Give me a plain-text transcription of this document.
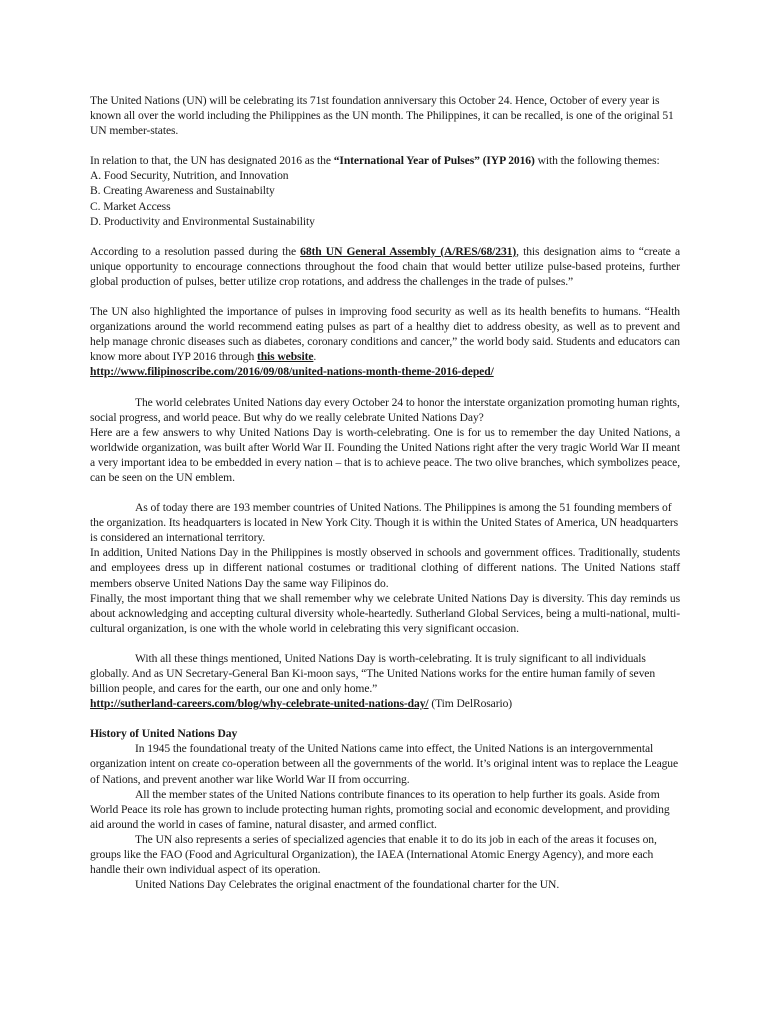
The United Nations (UN) will be celebrating its 71st foundation anniversary this October 24. Hence, October of every year is known all over the world including the Philippines as the UN month. The Philippines, it can be recalled, is one of the original 51 UN member-states.

In relation to that, the UN has designated 2016 as the “International Year of Pulses” (IYP 2016) with the following themes:

A. Food Security, Nutrition, and Innovation

B. Creating Awareness and Sustainabilty

C. Market Access

D. Productivity and Environmental Sustainability

According to a resolution passed during the 68th UN General Assembly (A/RES/68/231), this designation aims to “create a unique opportunity to encourage connections throughout the food chain that would better utilize pulse-based proteins, further global production of pulses, better utilize crop rotations, and address the challenges in the trade of pulses.”

The UN also highlighted the importance of pulses in improving food security as well as its health benefits to humans. “Health organizations around the world recommend eating pulses as part of a healthy diet to address obesity, as well as to prevent and help manage chronic diseases such as diabetes, coronary conditions and cancer,” the world body said. Students and educators can know more about IYP 2016 through this website.

http://www.filipinoscribe.com/2016/09/08/united-nations-month-theme-2016-deped/

The world celebrates United Nations day every October 24 to honor the interstate organization promoting human rights, social progress, and world peace. But why do we really celebrate United Nations Day?

Here are a few answers to why United Nations Day is worth-celebrating. One is for us to remember the day United Nations, a worldwide organization, was built after World War II. Founding the United Nations right after the very tragic World War II meant a very important idea to be embedded in every nation – that is to achieve peace. The two olive branches, which symbolizes peace, can be seen on the UN emblem.

As of today there are 193 member countries of United Nations. The Philippines is among the 51 founding members of the organization. Its headquarters is located in New York City. Though it is within the United States of America, UN headquarters is considered an international territory.

In addition, United Nations Day in the Philippines is mostly observed in schools and government offices. Traditionally, students and employees dress up in different national costumes or traditional clothing of different nations. The United Nations staff members observe United Nations Day the same way Filipinos do.

Finally, the most important thing that we shall remember why we celebrate United Nations Day is diversity. This day reminds us about acknowledging and accepting cultural diversity whole-heartedly. Sutherland Global Services, being a multi-national, multi-cultural organization, is one with the whole world in celebrating this very significant occasion.

With all these things mentioned, United Nations Day is worth-celebrating. It is truly significant to all individuals globally. And as UN Secretary-General Ban Ki-moon says, “The United Nations works for the entire human family of seven billion people, and cares for the earth, our one and only home.”

http://sutherland-careers.com/blog/why-celebrate-united-nations-day/ (Tim DelRosario)

History of United Nations Day

In 1945 the foundational treaty of the United Nations came into effect, the United Nations is an intergovernmental organization intent on create co-operation between all the governments of the world. It’s original intent was to replace the League of Nations, and prevent another war like World War II from occurring.

All the member states of the United Nations contribute finances to its operation to help further its goals. Aside from World Peace its role has grown to include protecting human rights, promoting social and economic development, and providing aid around the world in cases of famine, natural disaster, and armed conflict.

The UN also represents a series of specialized agencies that enable it to do its job in each of the areas it focuses on, groups like the FAO (Food and Agricultural Organization), the IAEA (International Atomic Energy Agency), and more each handle their own individual aspect of its operation.

United Nations Day Celebrates the original enactment of the foundational charter for the UN.
